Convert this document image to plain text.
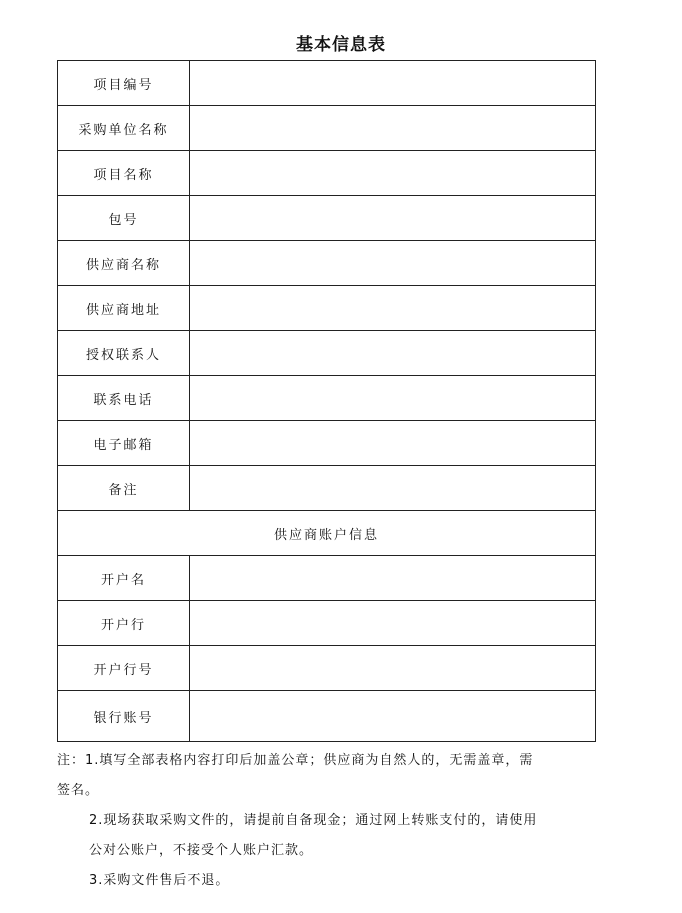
基本信息表
项目编号	
采购单位名称	
项目名称	
包号	
供应商名称	
供应商地址	
授权联系人	
联系电话	
电子邮箱	
备注	
供应商账户信息	
开户名	
开户行	
开户行号	
银行账号	

注：1.填写全部表格内容打印后加盖公章；供应商为自然人的，无需盖章，需

签名。

2.现场获取采购文件的，请提前自备现金；通过网上转账支付的，请使用

公对公账户，不接受个人账户汇款。

3.采购文件售后不退。
